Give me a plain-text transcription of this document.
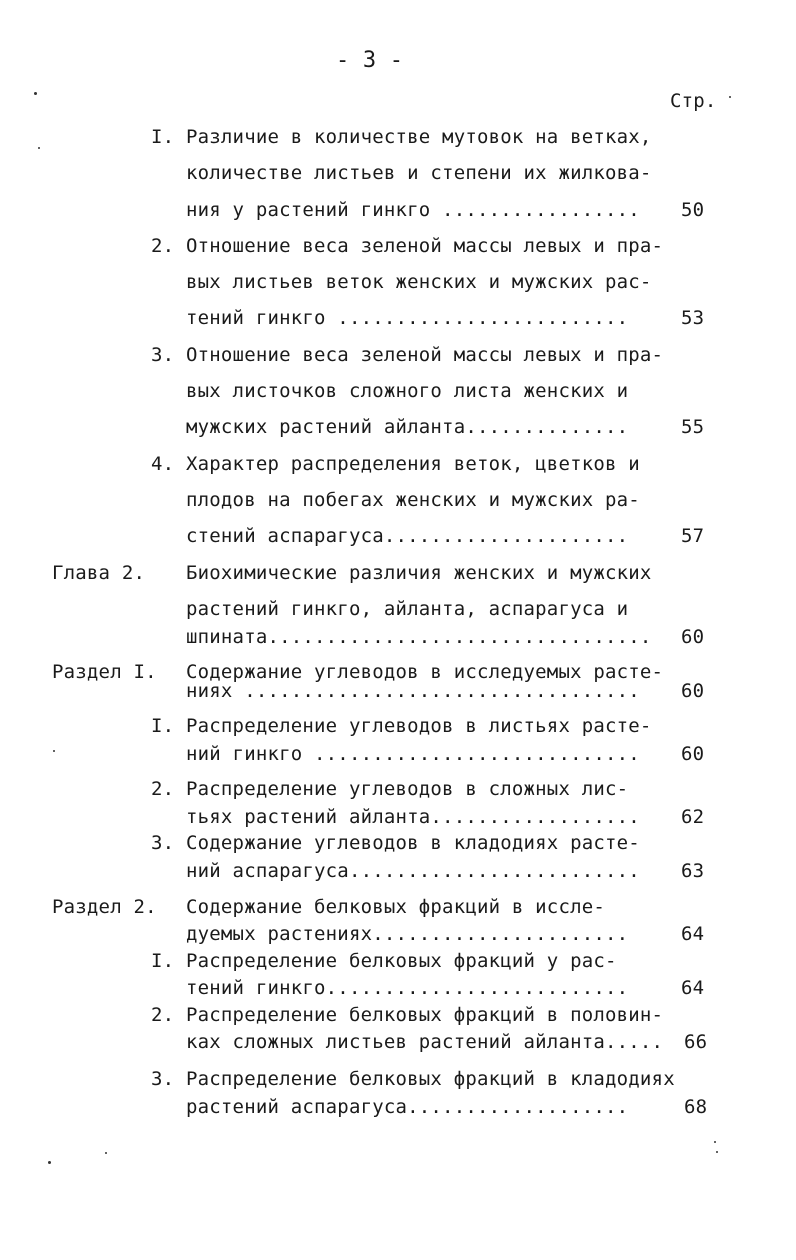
- 3 -
Стр.
I. Различие в количестве мутовок на ветках,
количестве листьев и степени их жилкова-
ния у растений гинкго ................. 50
2. Отношение веса зеленой массы левых и пра-
вых листьев веток женских и мужских рас-
тений гинкго .........................	53
3. Отношение веса зеленой массы левых и пра-
вых листочков сложного листа женских и
мужских растений айланта..............	55
4. Характер распределения веток, цветков и
плодов на побегах женских и мужских ра-
стений аспарагуса.....................	57
Глава 2. Биохимические различия женских и мужских
растений гинкго, айланта, аспарагуса и
шпината................................. 60
Раздел I. Содержание углеводов в исследуемых расте-
ниях .................................. 60
I. Распределение углеводов в листьях расте-
ний гинкго ............................ 60
2. Распределение углеводов в сложных лис-
тьях растений айланта.................. 62
3. Содержание углеводов в кладодиях расте-
ний аспарагуса......................... 63
Раздел 2. Содержание белковых фракций в иссле-
дуемых растениях......................	64
I. Распределение белковых фракций у рас-
тений гинкго..........................	64
2. Распределение белковых фракций в половин-
ках сложных листьев растений айланта..... 66
3. Распределение белковых фракций в кладодиях
растений аспарагуса...................	68
